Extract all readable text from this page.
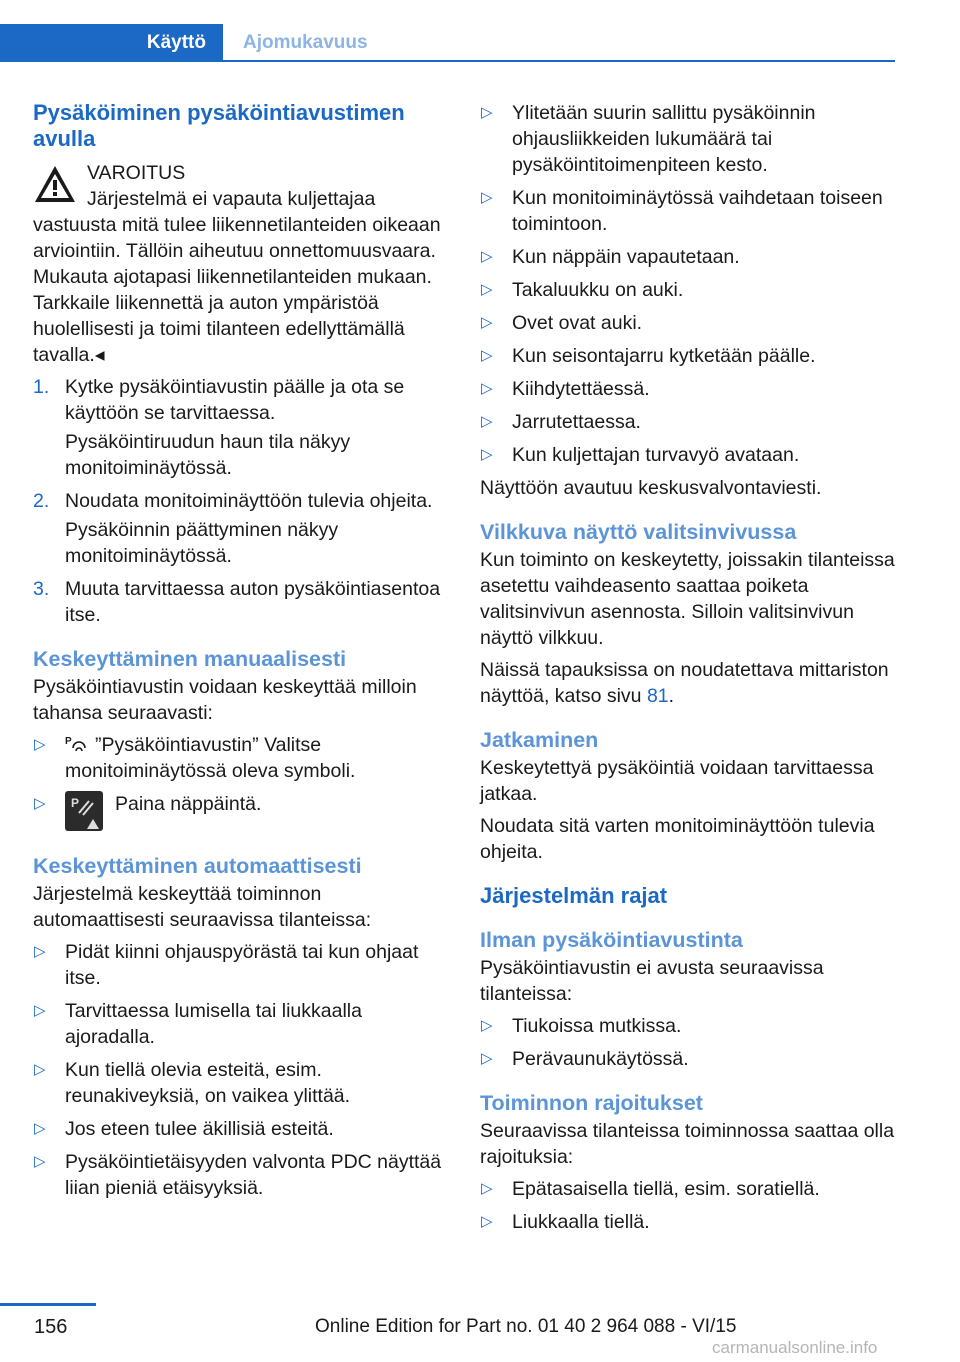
Käyttö	Ajomukavuus
Pysäköiminen pysäköintiavustimen avulla

VAROITUS

Järjestelmä ei vapauta kuljettajaa vastuusta mitä tulee liikennetilanteiden oikeaan arviointiin. Tällöin aiheutuu onnettomuusvaara. Mukauta ajotapasi liikennetilanteiden mukaan. Tarkkaile liikennettä ja auton ympäristöä huolellisesti ja toimi tilanteen edellyttämällä tavalla.◂

1. Kytke pysäköintiavustin päälle ja ota se käyttöön se tarvittaessa.
Pysäköintiruudun haun tila näkyy monitoiminäytössä.
2. Noudata monitoiminäyttöön tulevia ohjeita.
Pysäköinnin päättyminen näkyy monitoiminäytössä.
3. Muuta tarvittaessa auton pysäköintiasentoa itse.
Keskeyttäminen manuaalisesti

Pysäköintiavustin voidaan keskeyttää milloin tahansa seuraavasti:

▷ P ”Pysäköintiavustin” Valitse monitoiminäytössä oleva symboli.
▷ P Paina näppäintä.
Keskeyttäminen automaattisesti

Järjestelmä keskeyttää toiminnon automaattisesti seuraavissa tilanteissa:

▷ Pidät kiinni ohjauspyörästä tai kun ohjaat itse.
▷ Tarvittaessa lumisella tai liukkaalla ajoradalla.
▷ Kun tiellä olevia esteitä, esim. reunakiveyksiä, on vaikea ylittää.
▷ Jos eteen tulee äkillisiä esteitä.
▷ Pysäköintietäisyyden valvonta PDC näyttää liian pieniä etäisyyksiä.
▷ Ylitetään suurin sallittu pysäköinnin ohjausliikkeiden lukumäärä tai pysäköintitoimenpiteen kesto.
▷ Kun monitoiminäytössä vaihdetaan toiseen toimintoon.
▷ Kun näppäin vapautetaan.
▷ Takaluukku on auki.
▷ Ovet ovat auki.
▷ Kun seisontajarru kytketään päälle.
▷ Kiihdytettäessä.
▷ Jarrutettaessa.
▷ Kun kuljettajan turvavyö avataan.

Näyttöön avautuu keskusvalvontaviesti.

Vilkkuva näyttö valitsinvivussa

Kun toiminto on keskeytetty, joissakin tilanteissa asetettu vaihdeasento saattaa poiketa valitsinvivun asennosta. Silloin valitsinvivun näyttö vilkkuu.

Näissä tapauksissa on noudatettava mittariston näyttöä, katso sivu 81.

Jatkaminen

Keskeytettyä pysäköintiä voidaan tarvittaessa jatkaa.

Noudata sitä varten monitoiminäyttöön tulevia ohjeita.

Järjestelmän rajat
Ilman pysäköintiavustinta

Pysäköintiavustin ei avusta seuraavissa tilanteissa:

▷ Tiukoissa mutkissa.
▷ Perävaunukäytössä.
Toiminnon rajoitukset

Seuraavissa tilanteissa toiminnossa saattaa olla rajoituksia:

▷ Epätasaisella tiellä, esim. soratiellä.
▷ Liukkaalla tiellä.
156	Online Edition for Part no. 01 40 2 964 088 - VI/15
carmanualsonline.info
